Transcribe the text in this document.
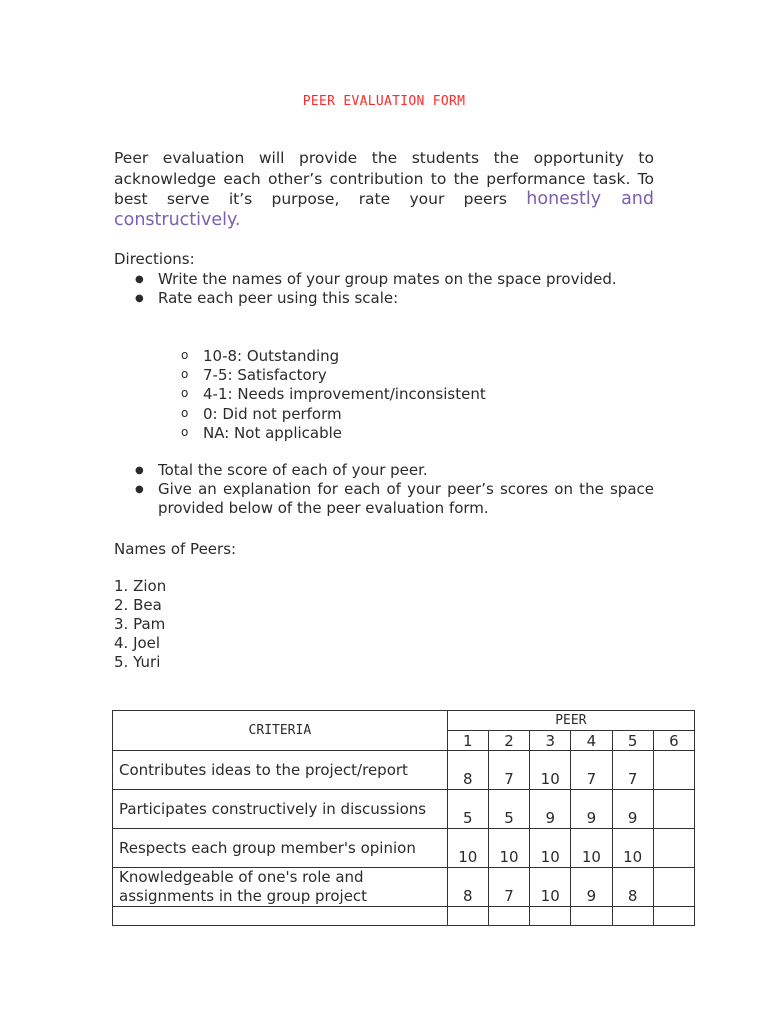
PEER EVALUATION FORM
Peer evaluation will provide the students the opportunity to acknowledge each other’s contribution to the performance task. To best serve it’s purpose, rate your peers honestly and constructively.
Directions:
● Write the names of your group mates on the space provided.
● Rate each peer using this scale:
o 10-8: Outstanding
o 7-5: Satisfactory
o 4-1: Needs improvement/inconsistent
o 0: Did not perform
o NA: Not applicable
● Total the score of each of your peer.
● Give an explanation for each of your peer’s scores on the space provided below of the peer evaluation form.
Names of Peers:
1. Zion
2. Bea
3. Pam
4. Joel
5. Yuri
CRITERIA	PEER					
	1	2	3	4	5	6
Contributes ideas to the project/report	8	7	10	7	7	
Participates constructively in discussions	5	5	9	9	9	
Respects each group member's opinion	10	10	10	10	10	
Knowledgeable of one's role and assignments in the group project	8	7	10	9	8	
